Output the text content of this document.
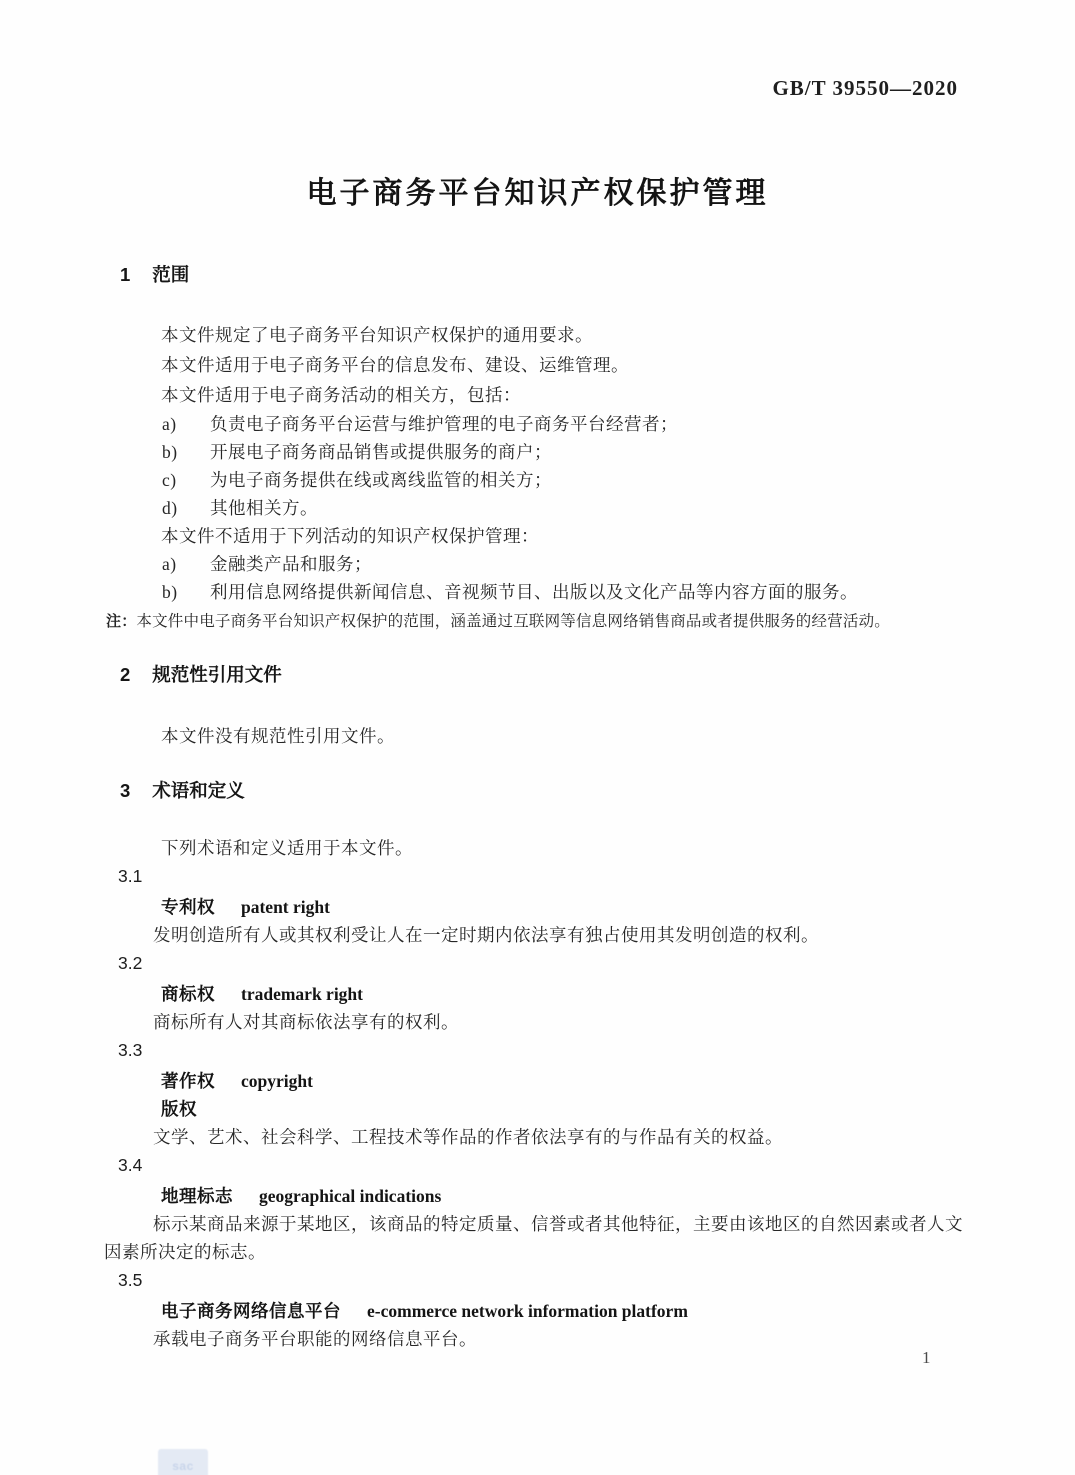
GB/T 39550—2020
电子商务平台知识产权保护管理
1 范围

本文件规定了电子商务平台知识产权保护的通用要求。

本文件适用于电子商务平台的信息发布、建设、运维管理。

本文件适用于电子商务活动的相关方，包括：

a)	负责电子商务平台运营与维护管理的电子商务平台经营者；
b)	开展电子商务商品销售或提供服务的商户；
c)	为电子商务提供在线或离线监管的相关方；
d)	其他相关方。

本文件不适用于下列活动的知识产权保护管理：

a)	金融类产品和服务；
b)	利用信息网络提供新闻信息、音视频节目、出版以及文化产品等内容方面的服务。

注：本文件中电子商务平台知识产权保护的范围，涵盖通过互联网等信息网络销售商品或者提供服务的经营活动。

2 规范性引用文件

本文件没有规范性引用文件。

3 术语和定义

下列术语和定义适用于本文件。

3.1
专利权 patent right

发明创造所有人或其权利受让人在一定时期内依法享有独占使用其发明创造的权利。

3.2
商标权 trademark right

商标所有人对其商标依法享有的权利。

3.3
著作权 copyright
版权

文学、艺术、社会科学、工程技术等作品的作者依法享有的与作品有关的权益。

3.4
地理标志 geographical indications

标示某商品来源于某地区，该商品的特定质量、信誉或者其他特征，主要由该地区的自然因素或者人文因素所决定的标志。

3.5
电子商务网络信息平台 e-commerce network information platform

承载电子商务平台职能的网络信息平台。

1
sac
